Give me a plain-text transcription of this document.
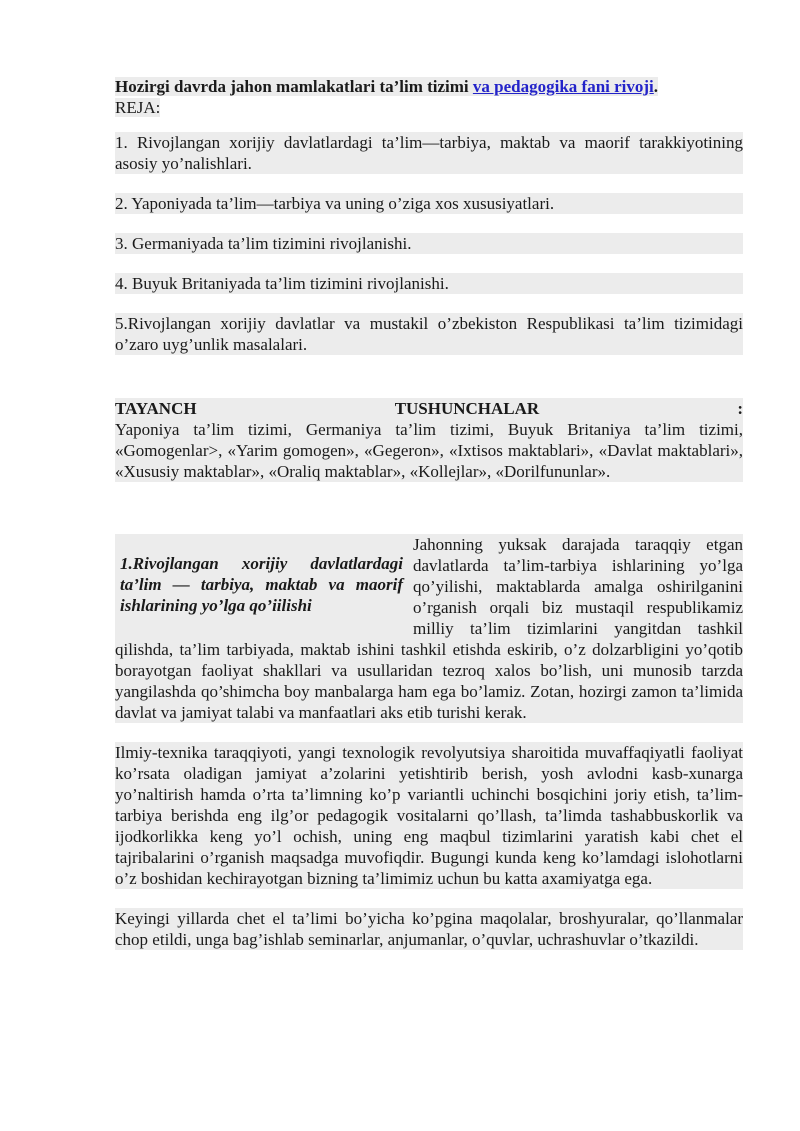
Hozirgi davrda jahon mamlakatlari ta’lim tizimi va pedagogika fani rivoji.
REJA:

1. Rivojlangan xorijiy davlatlardagi ta’lim—tarbiya, maktab va maorif tarakkiyotining asosiy yo’nalishlari.

2. Yaponiyada ta’lim—tarbiya va uning o’ziga xos xususiyatlari.

3. Germaniyada ta’lim tizimini rivojlanishi.

4. Buyuk Britaniyada ta’lim tizimini rivojlanishi.

5.Rivojlangan xorijiy davlatlar va mustakil o’zbekiston Respublikasi ta’lim tizimidagi o’zaro uyg’unlik masalalari.

TAYANCH	TUSHUNCHALAR	:

Yaponiya ta’lim tizimi, Germaniya ta’lim tizimi, Buyuk Britaniya ta’lim tizimi, «Gomogenlar>, «Yarim gomogen», «Gegeron», «Ixtisos maktablari», «Davlat maktablari», «Xususiy maktablar», «Oraliq maktablar», «Kollejlar», «Dorilfununlar».

1.Rivojlangan xorijiy davlatlardagi ta’lim — tarbiya, maktab va maorif ishlarining yo’lga qo’iilishi

Jahonning yuksak darajada taraqqiy etgan davlatlarda ta’lim-tarbiya ishlarining yo’lga qo’yilishi, maktablarda amalga oshirilganini o’rganish orqali biz mustaqil respublikamiz milliy ta’lim tizimlarini yangitdan tashkil qilishda, ta’lim tarbiyada, maktab ishini tashkil etishda eskirib, o’z dolzarbligini yo’qotib borayotgan faoliyat shakllari va usullaridan tezroq xalos bo’lish, uni munosib tarzda yangilashda qo’shimcha boy manbalarga ham ega bo’lamiz. Zotan, hozirgi zamon ta’limida davlat va jamiyat talabi va manfaatlari aks etib turishi kerak.

Ilmiy-texnika taraqqiyoti, yangi texnologik revolyutsiya sharoitida muvaffaqiyatli faoliyat ko’rsata oladigan jamiyat a’zolarini yetishtirib berish, yosh avlodni kasb-xunarga yo’naltirish hamda o’rta ta’limning ko’p variantli uchinchi bosqichini joriy etish, ta’lim-tarbiya berishda eng ilg’or pedagogik vositalarni qo’llash, ta’limda tashabbuskorlik va ijodkorlikka keng yo’l ochish, uning eng maqbul tizimlarini yaratish kabi chet el tajribalarini o’rganish maqsadga muvofiqdir. Bugungi kunda keng ko’lamdagi islohotlarni o’z boshidan kechirayotgan bizning ta’limimiz uchun bu katta axamiyatga ega.

Keyingi yillarda chet el ta’limi bo’yicha ko’pgina maqolalar, broshyuralar, qo’llanmalar chop etildi, unga bag’ishlab seminarlar, anjumanlar, o’quvlar, uchrashuvlar o’tkazildi.
